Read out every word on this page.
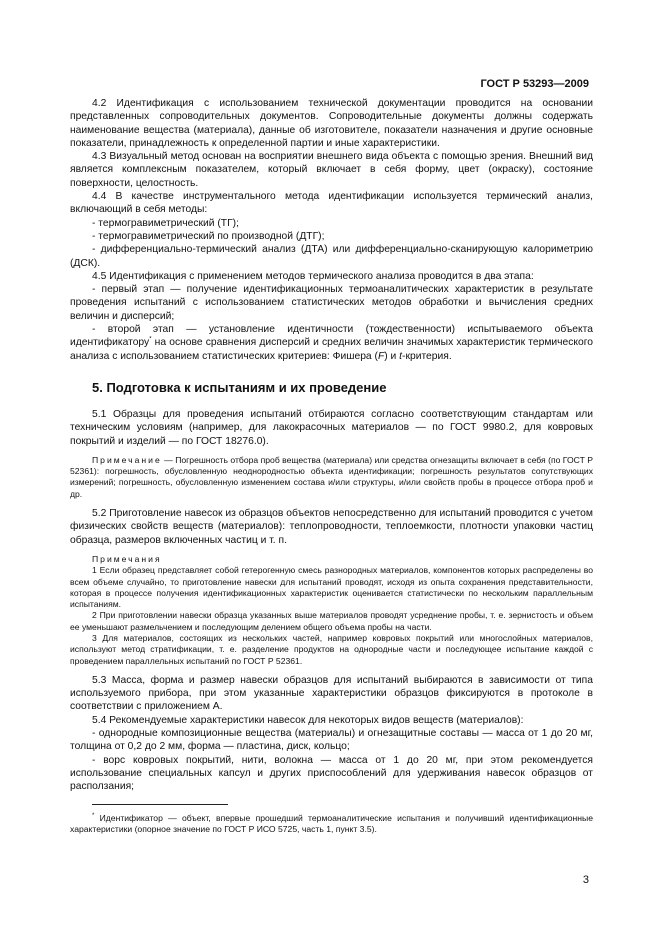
ГОСТ Р 53293—2009

4.2 Идентификация с использованием технической документации проводится на основании представленных сопроводительных документов. Сопроводительные документы должны содержать наименование вещества (материала), данные об изготовителе, показатели назначения и другие основные показатели, принадлежность к определенной партии и иные характеристики.

4.3 Визуальный метод основан на восприятии внешнего вида объекта с помощью зрения. Внешний вид является комплексным показателем, который включает в себя форму, цвет (окраску), состояние поверхности, целостность.

4.4 В качестве инструментального метода идентификации используется термический анализ, включающий в себя методы:

- термогравиметрический (ТГ);

- термогравиметрический по производной (ДТГ);

- дифференциально-термический анализ (ДТА) или дифференциально-сканирующую калориметрию (ДСК).

4.5 Идентификация с применением методов термического анализа проводится в два этапа:

- первый этап — получение идентификационных термоаналитических характеристик в результате проведения испытаний с использованием статистических методов обработки и вычисления средних величин и дисперсий;

- второй этап — установление идентичности (тождественности) испытываемого объекта идентификатору* на основе сравнения дисперсий и средних величин значимых характеристик термического анализа с использованием статистических критериев: Фишера (F) и t-критерия.

5. Подготовка к испытаниям и их проведение

5.1 Образцы для проведения испытаний отбираются согласно соответствующим стандартам или техническим условиям (например, для лакокрасочных материалов — по ГОСТ 9980.2, для ковровых покрытий и изделий — по ГОСТ 18276.0).

Примечание — Погрешность отбора проб вещества (материала) или средства огнезащиты включает в себя (по ГОСТ Р 52361): погрешность, обусловленную неоднородностью объекта идентификации; погрешность результатов сопутствующих измерений; погрешность, обусловленную изменением состава и/или структуры, и/или свойств пробы в процессе отбора проб и др.

5.2 Приготовление навесок из образцов объектов непосредственно для испытаний проводится с учетом физических свойств веществ (материалов): теплопроводности, теплоемкости, плотности упаковки частиц образца, размеров включенных частиц и т. п.

Примечания

1 Если образец представляет собой гетерогенную смесь разнородных материалов, компонентов которых распределены во всем объеме случайно, то приготовление навески для испытаний проводят, исходя из опыта сохранения представительности, которая в процессе получения идентификационных характеристик оценивается статистически по нескольким параллельным испытаниям.

2 При приготовлении навески образца указанных выше материалов проводят усреднение пробы, т. е. зернистость и объем ее уменьшают размельчением и последующим делением общего объема пробы на части.

3 Для материалов, состоящих из нескольких частей, например ковровых покрытий или многослойных материалов, используют метод стратификации, т. е. разделение продуктов на однородные части и последующее испытание каждой с проведением параллельных испытаний по ГОСТ Р 52361.

5.3 Масса, форма и размер навески образцов для испытаний выбираются в зависимости от типа используемого прибора, при этом указанные характеристики образцов фиксируются в протоколе в соответствии с приложением А.

5.4 Рекомендуемые характеристики навесок для некоторых видов веществ (материалов):

- однородные композиционные вещества (материалы) и огнезащитные составы — масса от 1 до 20 мг, толщина от 0,2 до 2 мм, форма — пластина, диск, кольцо;

- ворс ковровых покрытий, нити, волокна — масса от 1 до 20 мг, при этом рекомендуется использование специальных капсул и других приспособлений для удерживания навесок образцов от расползания;

* Идентификатор — объект, впервые прошедший термоаналитические испытания и получивший идентификационные характеристики (опорное значение по ГОСТ Р ИСО 5725, часть 1, пункт 3.5).
3
